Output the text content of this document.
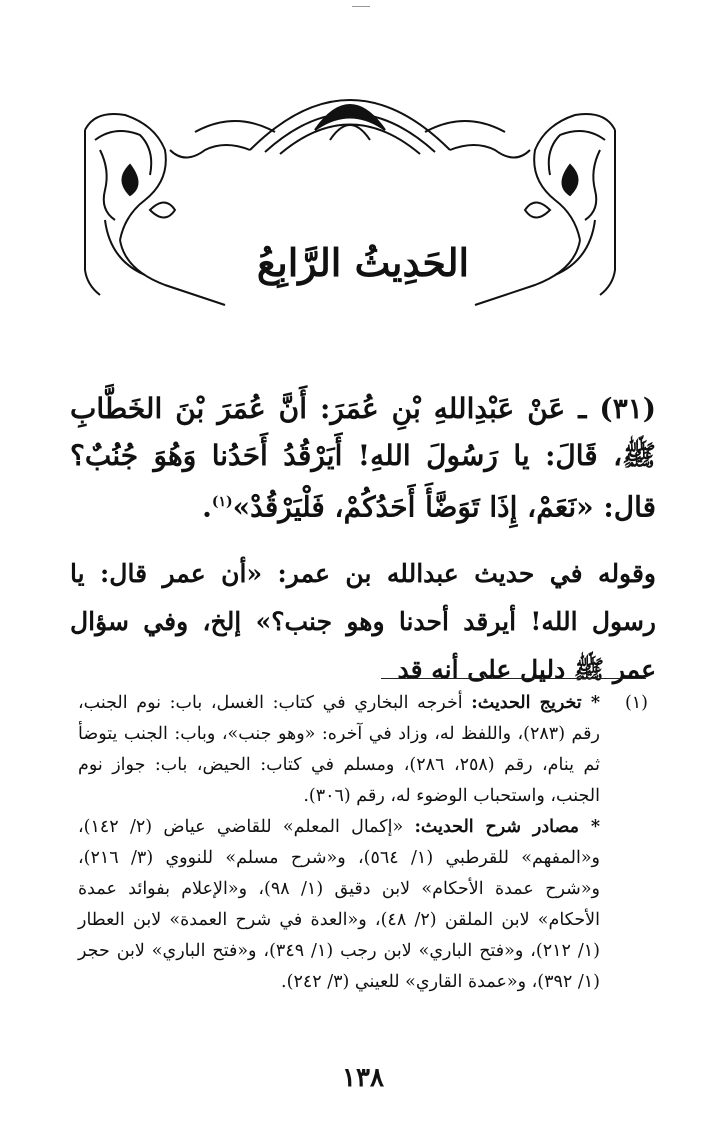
الحَدِيثُ الرَّابِعُ
(٣١) ـ عَنْ عَبْدِاللهِ بْنِ عُمَرَ: أَنَّ عُمَرَ بْنَ الخَطَّابِ ﷺ، قَالَ: يا رَسُولَ اللهِ! أَيَرْقُدُ أَحَدُنا وَهُوَ جُنُبٌ؟ قال: «نَعَمْ، إِذَا تَوَضَّأَ أَحَدُكُمْ، فَلْيَرْقُدْ»$^{(١)}$.
وقوله في حديث عبدالله بن عمر: «أن عمر قال: يا رسول الله! أيرقد أحدنا وهو جنب؟» إلخ، وفي سؤال عمر ﷺ دليل على أنه قد
(١)

* تخريج الحديث: أخرجه البخاري في كتاب: الغسل، باب: نوم الجنب، رقم (٢٨٣)، واللفظ له، وزاد في آخره: «وهو جنب»، وباب: الجنب يتوضأ ثم ينام، رقم (٢٥٨، ٢٨٦)، ومسلم في كتاب: الحيض، باب: جواز نوم الجنب، واستحباب الوضوء له، رقم (٣٠٦).

* مصادر شرح الحديث: «إكمال المعلم» للقاضي عياض (٢/ ١٤٢)، و«المفهم» للقرطبي (١/ ٥٦٤)، و«شرح مسلم» للنووي (٣/ ٢١٦)، و«شرح عمدة الأحكام» لابن دقيق (١/ ٩٨)، و«الإعلام بفوائد عمدة الأحكام» لابن الملقن (٢/ ٤٨)، و«العدة في شرح العمدة» لابن العطار (١/ ٢١٢)، و«فتح الباري» لابن رجب (١/ ٣٤٩)، و«فتح الباري» لابن حجر (١/ ٣٩٢)، و«عمدة القاري» للعيني (٣/ ٢٤٢).

١٣٨
